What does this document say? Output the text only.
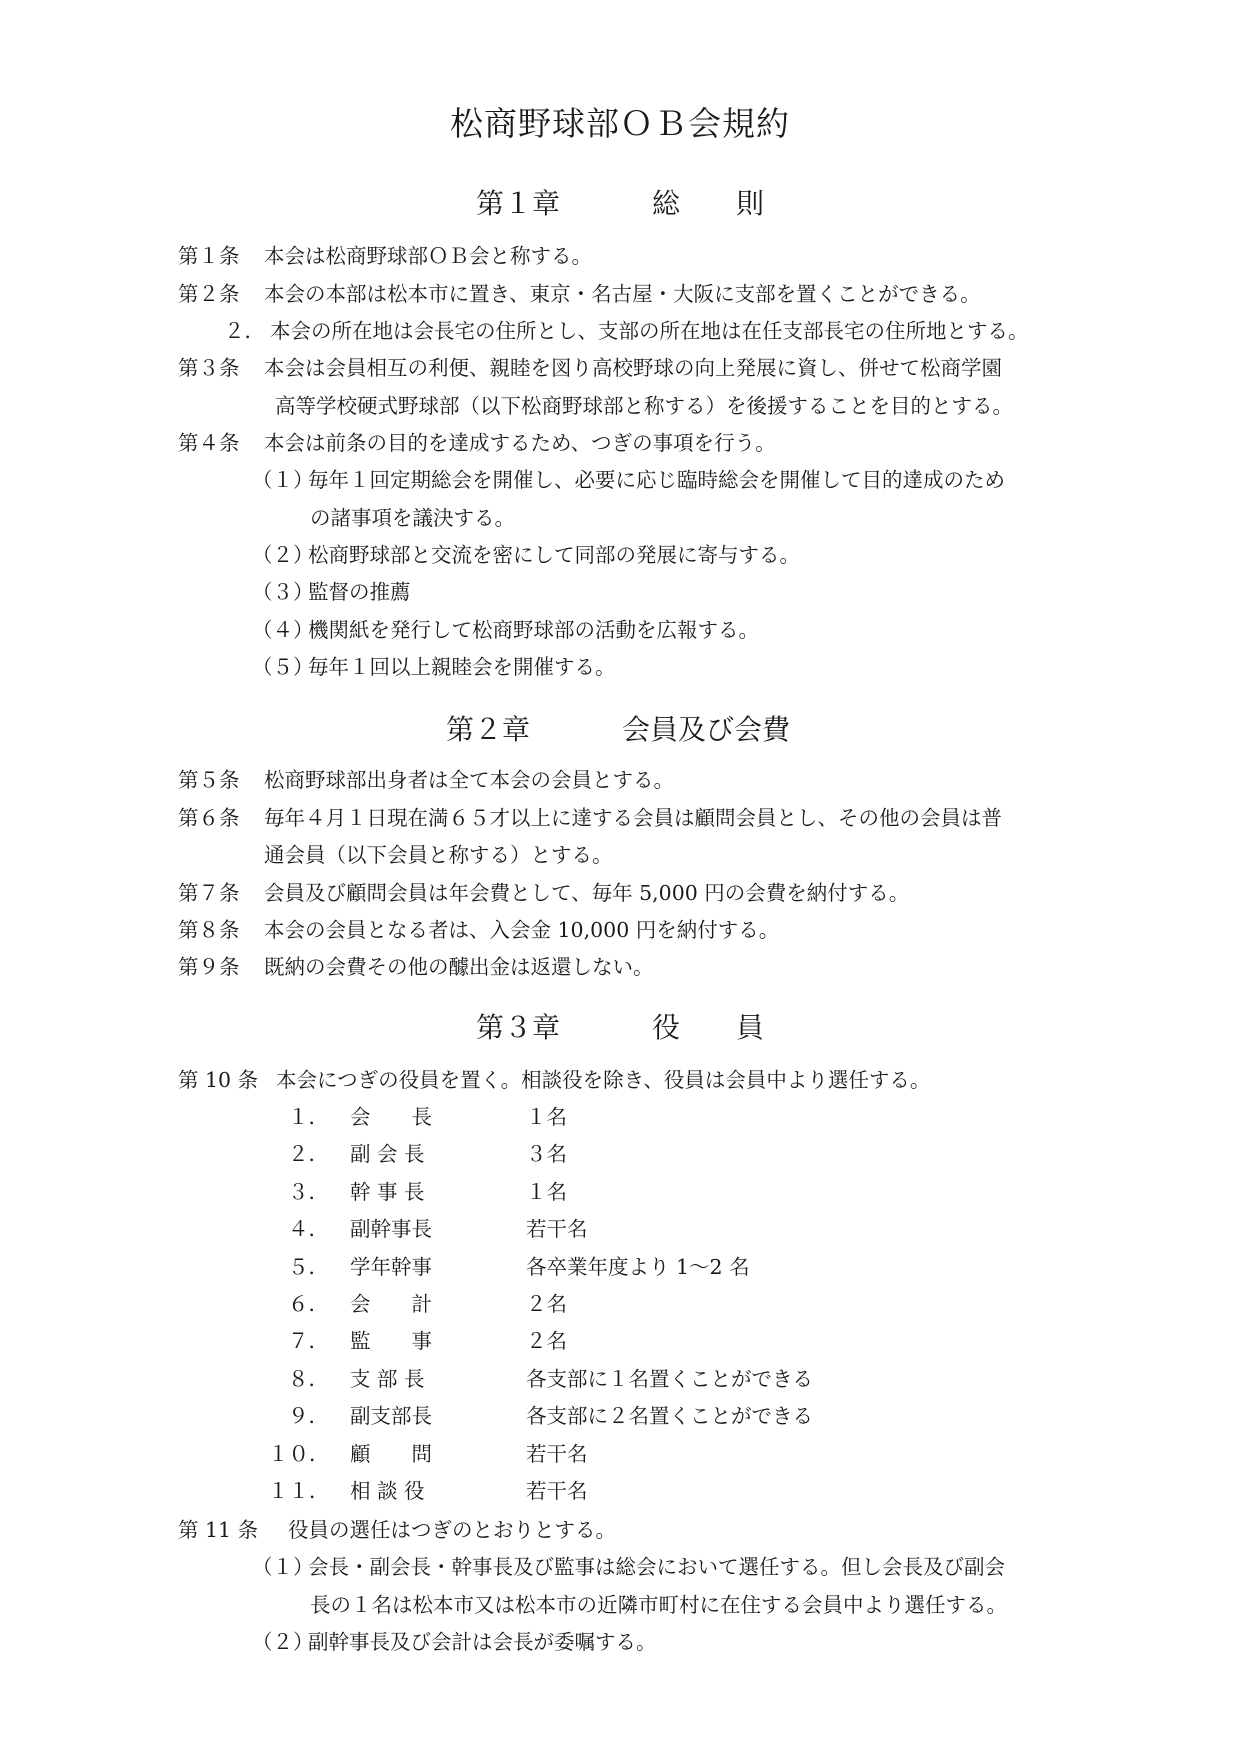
松商野球部ＯＢ会規約
第１章	総　　則
第１条 本会は松商野球部ＯＢ会と称する。
第２条 本会の本部は松本市に置き、東京・名古屋・大阪に支部を置くことができる。
２． 本会の所在地は会長宅の住所とし、支部の所在地は在任支部長宅の住所地とする。
第３条 本会は会員相互の利便、親睦を図り高校野球の向上発展に資し、併せて松商学園
高等学校硬式野球部（以下松商野球部と称する）を後援することを目的とする。
第４条 本会は前条の目的を達成するため、つぎの事項を行う。
（１）
毎年１回定期総会を開催し、必要に応じ臨時総会を開催して目的達成のため
の諸事項を議決する。
（２）
松商野球部と交流を密にして同部の発展に寄与する。
（３）
監督の推薦
（４）
機関紙を発行して松商野球部の活動を広報する。
（５）
毎年１回以上親睦会を開催する。
第２章	会員及び会費
第５条 松商野球部出身者は全て本会の会員とする。
第６条 毎年４月１日現在満６５才以上に達する会員は顧問会員とし、その他の会員は普
通会員（以下会員と称する）とする。
第７条 会員及び顧問会員は年会費として、毎年 5,000 円の会費を納付する。
第８条 本会の会員となる者は、入会金 10,000 円を納付する。
第９条 既納の会費その他の醵出金は返還しない。
第３章	役　　員
第 10 条 本会につぎの役員を置く。相談役を除き、役員は会員中より選任する。
１． 会　　長	１名
２． 副 会 長	３名
３． 幹 事 長	１名
４． 副幹事長	若干名
５． 学年幹事	各卒業年度より 1〜2 名
６． 会　　計	２名
７． 監　　事	２名
８． 支 部 長	各支部に１名置くことができる
９． 副支部長	各支部に２名置くことができる
１０． 顧　　問	若干名
１１． 相 談 役	若干名
第 11 条 役員の選任はつぎのとおりとする。
（１）
会長・副会長・幹事長及び監事は総会において選任する。但し会長及び副会
長の１名は松本市又は松本市の近隣市町村に在住する会員中より選任する。
（２）
副幹事長及び会計は会長が委嘱する。
